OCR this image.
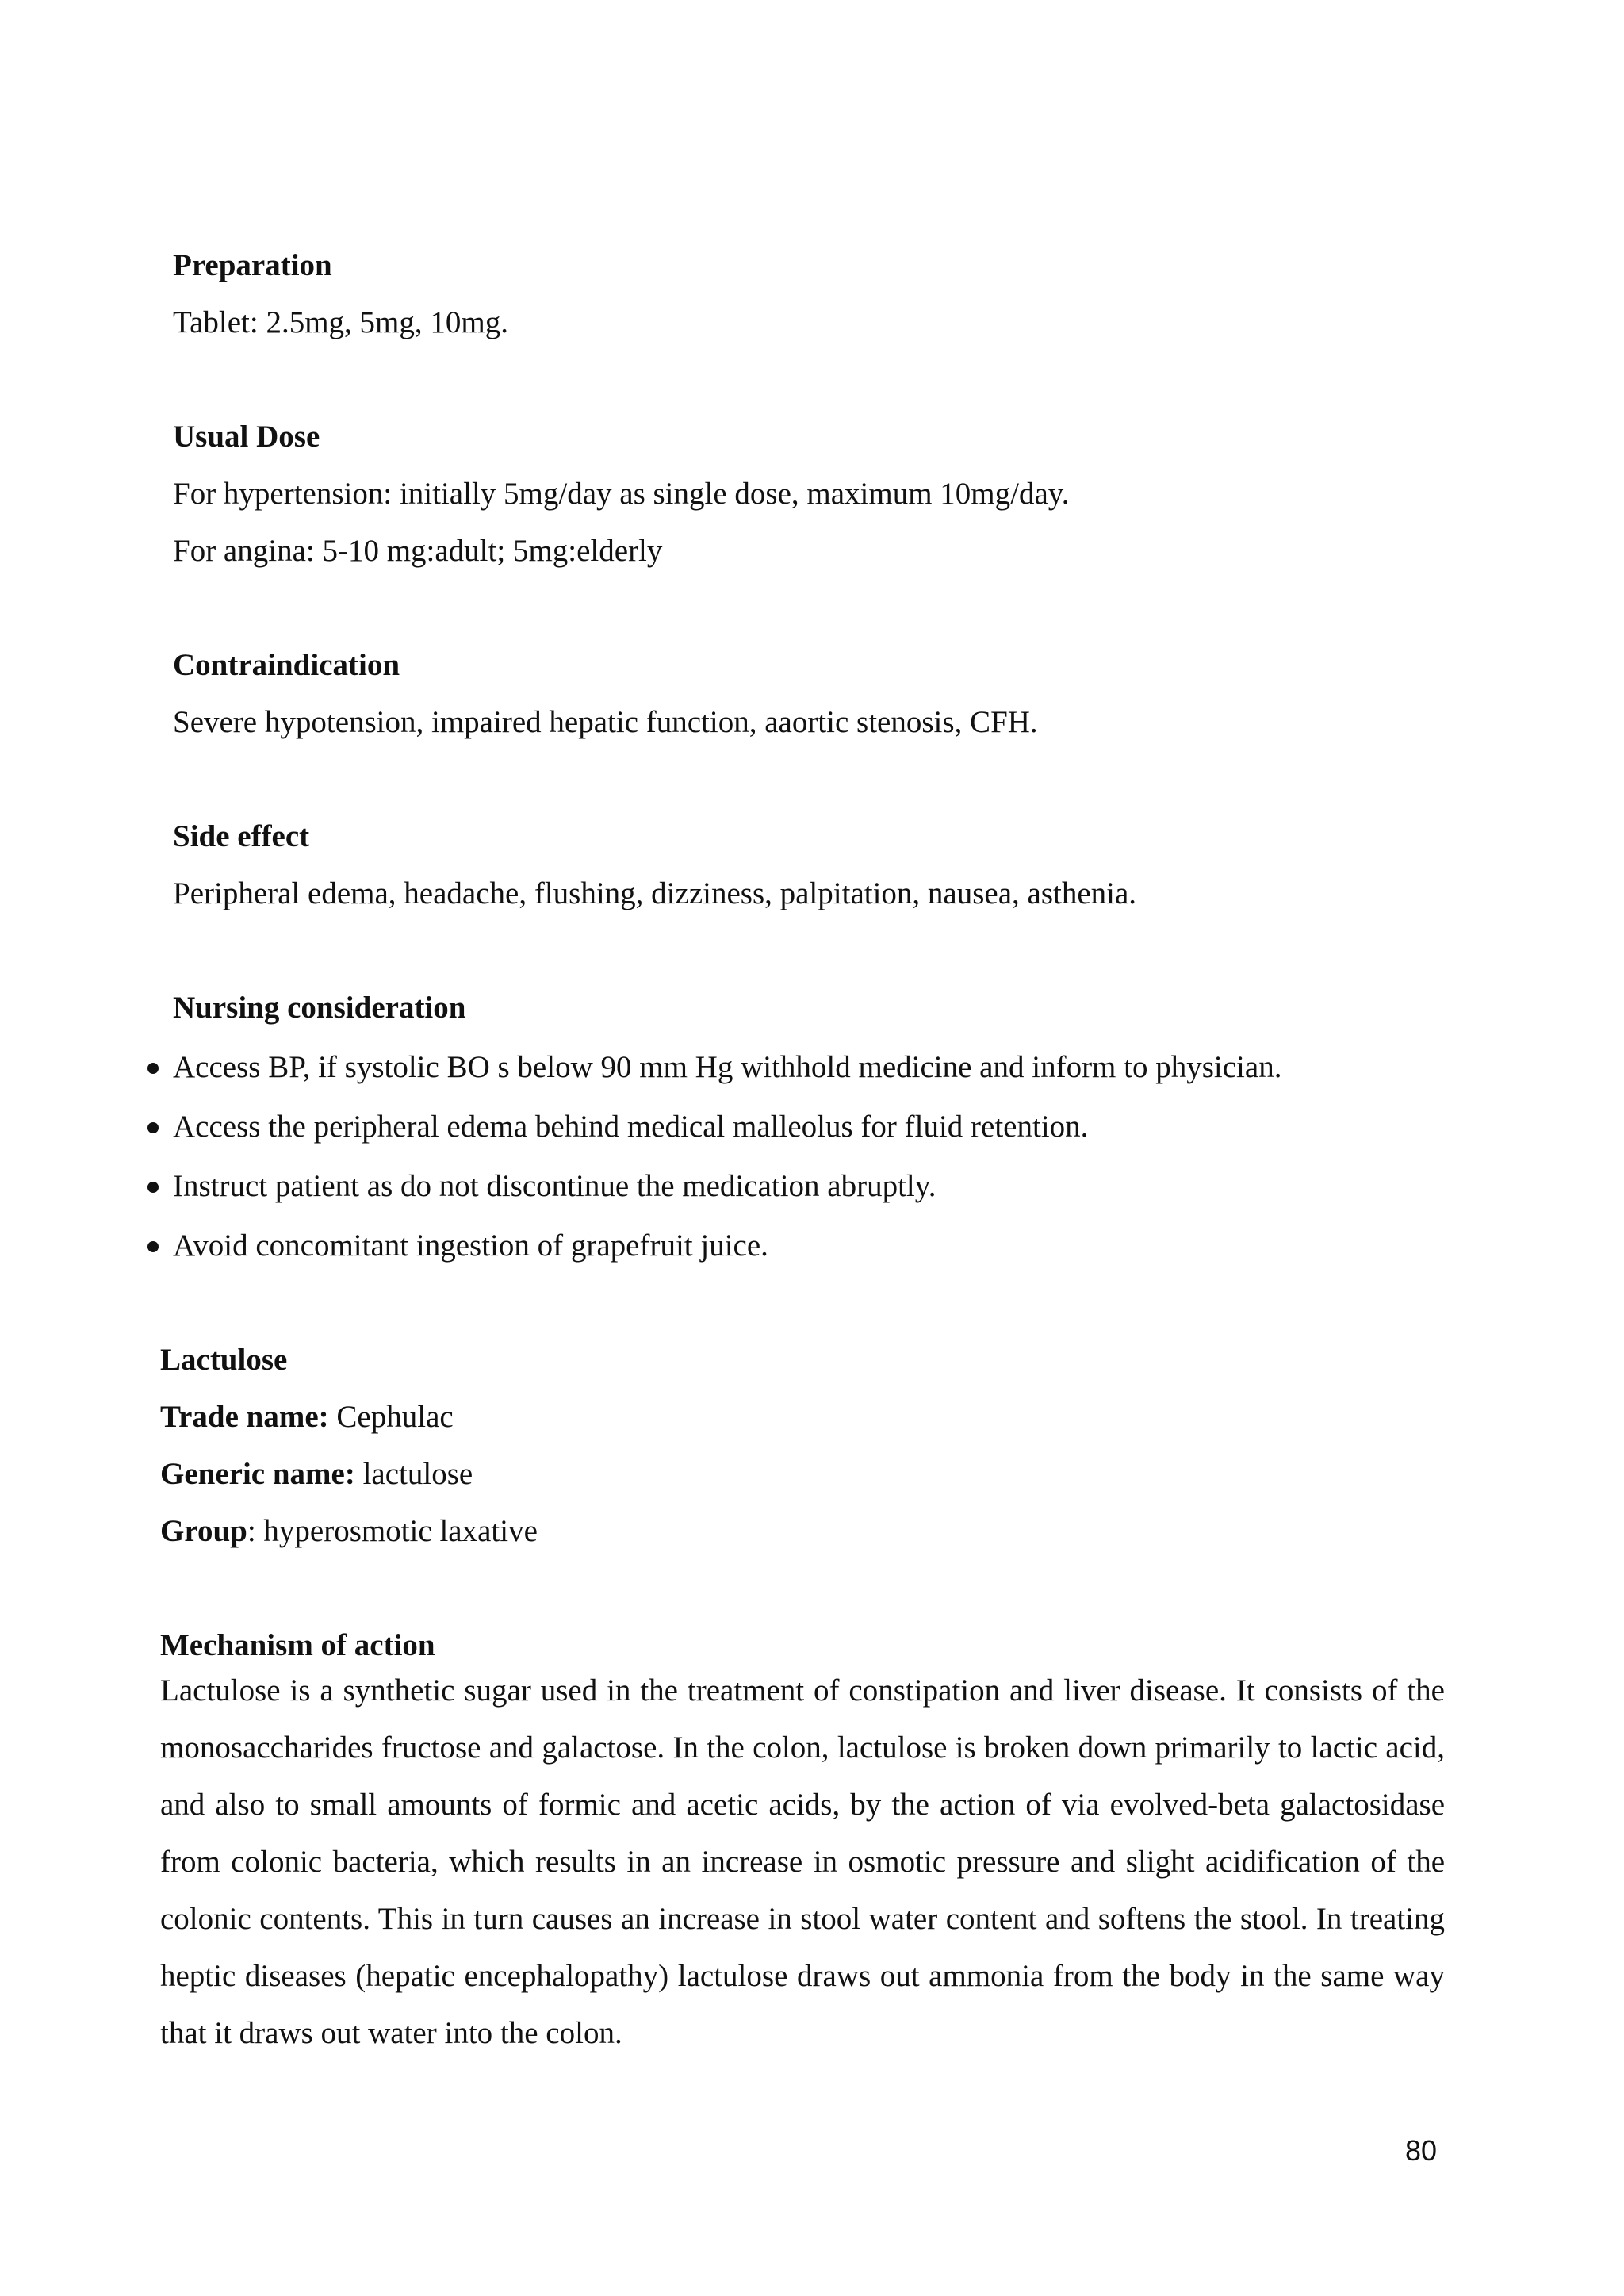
Preparation
Tablet: 2.5mg, 5mg, 10mg.
Usual Dose
For hypertension: initially 5mg/day as single dose, maximum 10mg/day.
For angina: 5-10 mg:adult; 5mg:elderly
Contraindication
Severe hypotension, impaired hepatic function, aaortic stenosis, CFH.
Side effect
Peripheral edema, headache, flushing, dizziness, palpitation, nausea, asthenia.
Nursing consideration
Access BP, if systolic BO s below 90 mm Hg withhold medicine and inform to physician.
Access the peripheral edema behind medical malleolus for fluid retention.
Instruct patient as do not discontinue the medication abruptly.
Avoid concomitant ingestion of grapefruit juice.
Lactulose
Trade name: Cephulac
Generic name: lactulose
Group: hyperosmotic laxative
Mechanism of action
Lactulose is a synthetic sugar used in the treatment of constipation and liver disease. It consists of the monosaccharides fructose and galactose. In the colon, lactulose is broken down primarily to lactic acid, and also to small amounts of formic and acetic acids, by the action of via evolved-beta galactosidase from colonic bacteria, which results in an increase in osmotic pressure and slight acidification of the colonic contents. This in turn causes an increase in stool water content and softens the stool. In treating heptic diseases (hepatic encephalopathy) lactulose draws out ammonia from the body in the same way that it draws out water into the colon.
80
